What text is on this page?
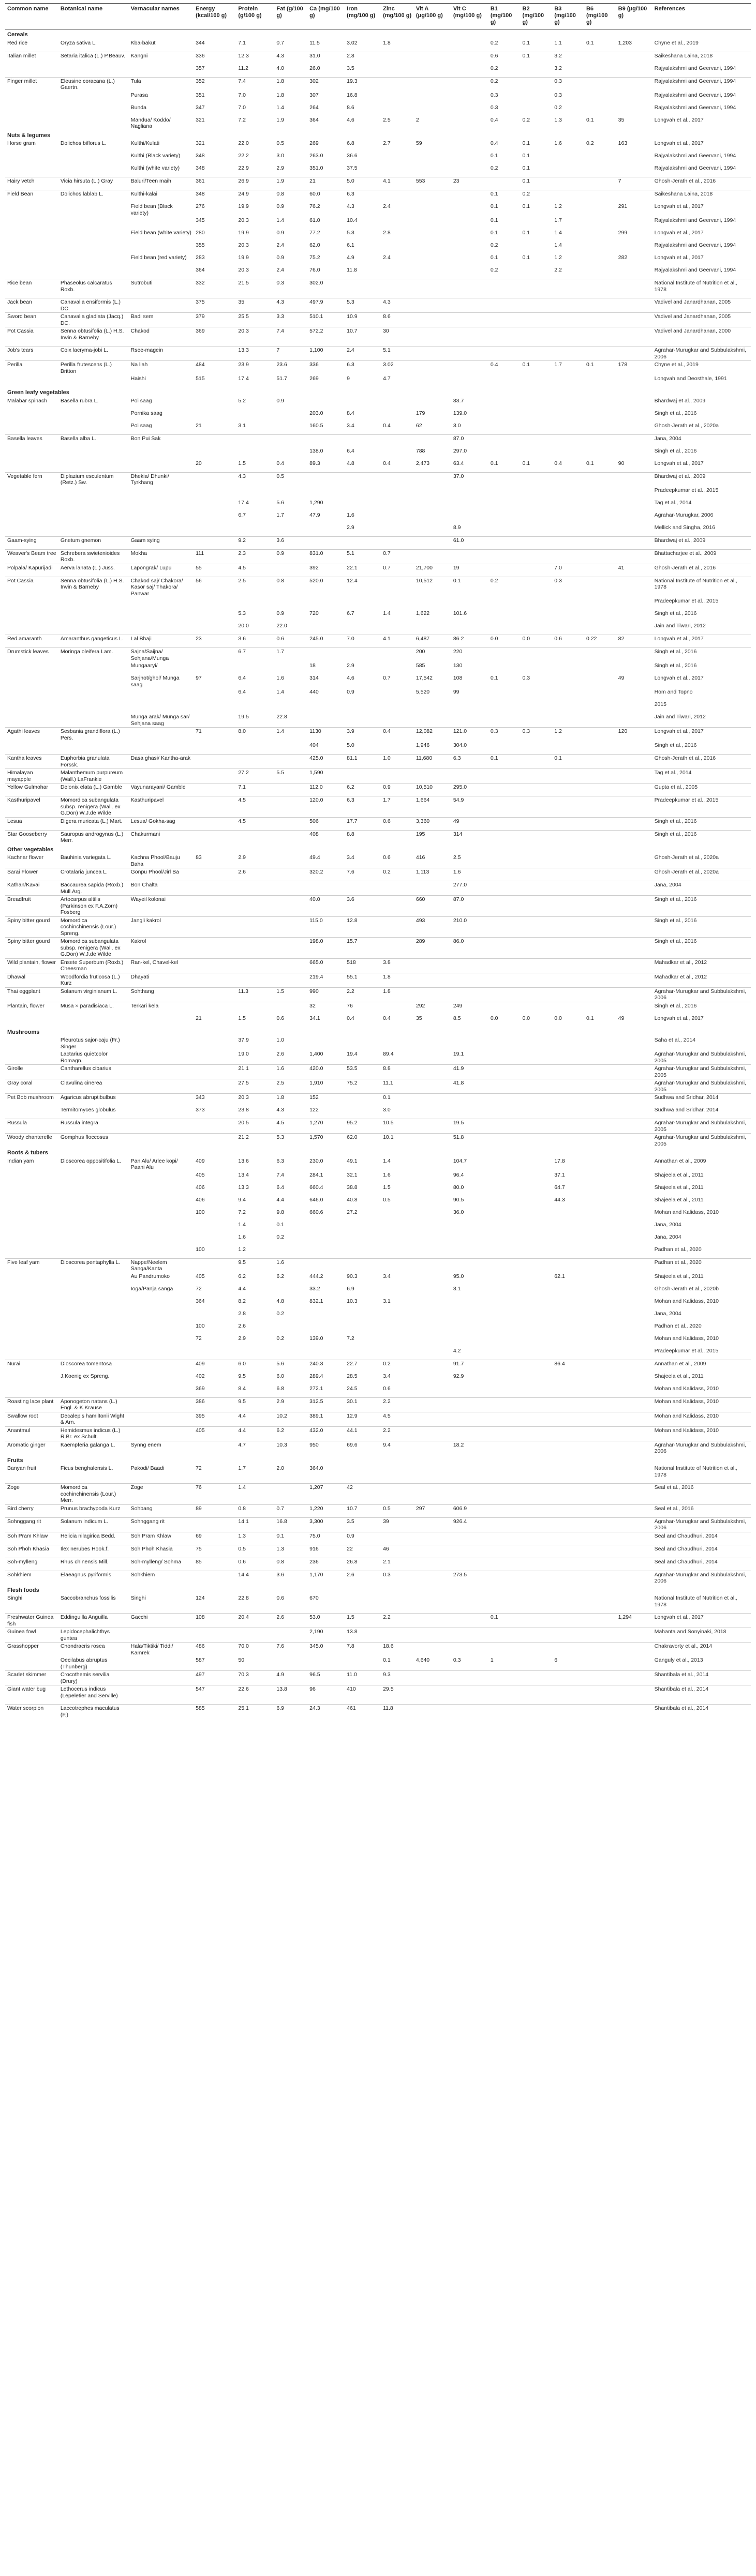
Common name	Botanical name	Vernacular names	Energy (kcal/100 g)	Protein (g/100 g)	Fat (g/100 g)	Ca (mg/100 g)	Iron (mg/100 g)	Zinc (mg/100 g)	Vit A (μg/100 g)	Vit C (mg/100 g)	B1 (mg/100 g)	B2 (mg/100 g)	B3 (mg/100 g)	B6 (mg/100 g)	B9 (μg/100 g)	References
Cereals																
Red rice	Oryza sativa L.	Kba-bakut	344	7.1	0.7	11.5	3.02	1.8			0.2	0.1	1.1	0.1	1,203	Chyne et al., 2019
Italian millet	Setaria italica (L.) P.Beauv.	Kangni	336	12.3	4.3	31.0	2.8				0.6	0.1	3.2			Saikeshana Laina, 2018
			357	11.2	4.0	26.0	3.5				0.2		3.2			Rajyalakshmi and Geervani, 1994
Finger millet	Eleusine coracana (L.) Gaertn.	Tula	352	7.4	1.8	302	19.3				0.2		0.3			Rajyalakshmi and Geervani, 1994
		Purasa	351	7.0	1.8	307	16.8				0.3		0.3			Rajyalakshmi and Geervani, 1994
		Bunda	347	7.0	1.4	264	8.6				0.3		0.2			Rajyalakshmi and Geervani, 1994
		Mandua/ Koddo/ Nagliana	321	7.2	1.9	364	4.6	2.5	2		0.4	0.2	1.3	0.1	35	Longvah et al., 2017
Nuts & legumes																
Horse gram	Dolichos biflorus L.	Kulthi/Kulati	321	22.0	0.5	269	6.8	2.7	59		0.4	0.1	1.6	0.2	163	Longvah et al., 2017
		Kulthi (Black variety)	348	22.2	3.0	263.0	36.6				0.1	0.1				Rajyalakshmi and Geervani, 1994
		Kulthi (white variety)	348	22.9	2.9	351.0	37.5				0.2	0.1				Rajyalakshmi and Geervani, 1994
Hairy vetch	Vicia hirsuta (L.) Gray	Baluri/Teen maih	361	26.9	1.9	21	5.0	4.1	553	23		0.1			7	Ghosh-Jerath et al., 2016
Field Bean	Dolichos lablab L.	Kulthi-kalai	348	24.9	0.8	60.0	6.3				0.1	0.2				Saikeshana Laina, 2018
		Field bean (Black variety)	276	19.9	0.9	76.2	4.3	2.4			0.1	0.1	1.2		291	Longvah et al., 2017
			345	20.3	1.4	61.0	10.4				0.1		1.7			Rajyalakshmi and Geervani, 1994
		Field bean (white variety)	280	19.9	0.9	77.2	5.3	2.8			0.1	0.1	1.4		299	Longvah et al., 2017
			355	20.3	2.4	62.0	6.1				0.2		1.4			Rajyalakshmi and Geervani, 1994
		Field bean (red variety)	283	19.9	0.9	75.2	4.9	2.4			0.1	0.1	1.2		282	Longvah et al., 2017
			364	20.3	2.4	76.0	11.8				0.2		2.2			Rajyalakshmi and Geervani, 1994
Rice bean	Phaseolus calcaratus Roxb.	Sutrobuti	332	21.5	0.3	302.0										National Institute of Nutrition et al., 1978
Jack bean	Canavalia ensiformis (L.) DC.		375	35	4.3	497.9	5.3	4.3								Vadivel and Janardhanan, 2005
Sword bean	Canavalia gladiata (Jacq.) DC.	Badi sem	379	25.5	3.3	510.1	10.9	8.6								Vadivel and Janardhanan, 2005
Pot Cassia	Senna obtusifolia (L.) H.S. Irwin & Barneby	Chakod	369	20.3	7.4	572.2	10.7	30								Vadivel and Janardhanan, 2000
Job's tears	Coix lacryma-jobi L.	Rsee-magein		13.3	7	1,100	2.4	5.1								Agrahar-Murugkar and Subbulakshmi, 2006
Perilla	Perilla frutescens (L.) Britton	Na liah	484	23.9	23.6	336	6.3	3.02			0.4	0.1	1.7	0.1	178	Chyne et al., 2019
		Haishi	515	17.4	51.7	269	9	4.7								Longvah and Deosthale, 1991
Green leafy vegetables																
Malabar spinach	Basella rubra L.	Poi saag		5.2	0.9					83.7						Bhardwaj et al., 2009
		Pornika saag				203.0	8.4		179	139.0						Singh et al., 2016
		Poi saag	21	3.1		160.5	3.4	0.4	62	3.0						Ghosh-Jerath et al., 2020a
Basella leaves	Basella alba L.	Bon Pui Sak								87.0						Jana, 2004
						138.0	6.4		788	297.0						Singh et al., 2016
			20	1.5	0.4	89.3	4.8	0.4	2,473	63.4	0.1	0.1	0.4	0.1	90	Longvah et al., 2017
Vegetable fern	Diplazium esculentum (Retz.) Sw.	Dhekia/ Dhunki/ Tyrkhang		4.3	0.5					37.0						Bhardwaj et al., 2009
																Pradeepkumar et al., 2015
				17.4	5.6	1,290										Tag et al., 2014
				6.7	1.7	47.9	1.6									Agrahar-Murugkar, 2006
							2.9			8.9						Mellick and Singha, 2016
Gaam-sying	Gnetum gnemon	Gaam sying		9.2	3.6					61.0						Bhardwaj et al., 2009
Weaver's Beam tree	Schrebera swietenioides Roxb.	Mokha	111	2.3	0.9	831.0	5.1	0.7								Bhattacharjee et al., 2009
Polpala/ Kapurijadi	Aerva lanata (L.) Juss.	Lapongrak/ Lupu	55	4.5		392	22.1	0.7	21,700	19			7.0		41	Ghosh-Jerath et al., 2016
Pot Cassia	Senna obtusifolia (L.) H.S. Irwin & Barneby	Chakod saj/ Chakora/ Kasor saj/ Thakora/ Panwar	56	2.5	0.8	520.0	12.4		10,512	0.1	0.2		0.3			National Institute of Nutrition et al., 1978
																Pradeepkumar et al., 2015
				5.3	0.9	720	6.7	1.4	1,622	101.6						Singh et al., 2016
				20.0	22.0											Jain and Tiwari, 2012
Red amaranth	Amaranthus gangeticus L.	Lal Bhaji	23	3.6	0.6	245.0	7.0	4.1	6,487	86.2	0.0	0.0	0.6	0.22	82	Longvah et al., 2017
Drumstick leaves	Moringa oleifera Lam.	Sajna/Saijna/ Sehjana/Munga		6.7	1.7				200	220						Singh et al., 2016
		Mungaaryi/				18	2.9		585	130						Singh et al., 2016
		Sarjhot/ghol/ Munga saag	97	6.4	1.6	314	4.6	0.7	17,542	108	0.1	0.3			49	Longvah et al., 2017
				6.4	1.4	440	0.9		5,520	99						Hom and Topno
																2015
		Munga arak/ Munga sar/ Sehjana saag		19.5	22.8											Jain and Tiwari, 2012
Agathi leaves	Sesbania grandiflora (L.) Pers.		71	8.0	1.4	1130	3.9	0.4	12,082	121.0	0.3	0.3	1.2		120	Longvah et al., 2017
						404	5.0		1,946	304.0						Singh et al., 2016
Kantha leaves	Euphorbia granulata Forssk.	Dasa ghasi/ Kantha-arak				425.0	81.1	1.0	11,680	6.3	0.1		0.1			Ghosh-Jerath et al., 2016
Himalayan mayapple	Malanthemum purpureum (Wall.) LaFrankie			27.2	5.5	1,590										Tag et al., 2014
Yellow Gulmohar	Delonix elata (L.) Gamble	Vayunarayani/ Gamble		7.1		112.0	6.2	0.9	10,510	295.0						Gupta et al., 2005
Kasthuripavel	Momordica subangulata subsp. renigera (Wall. ex G.Don) W.J.de Wilde	Kasthuripavel		4.5		120.0	6.3	1.7	1,664	54.9						Pradeepkumar et al., 2015
Lesua	Digera muricata (L.) Mart.	Lesua/ Gokha-sag		4.5		506	17.7	0.6	3,360	49						Singh et al., 2016
Star Gooseberry	Sauropus androgynus (L.) Merr.	Chakurmani				408	8.8		195	314						Singh et al., 2016
Other vegetables																
Kachnar flower	Bauhinia variegata L.	Kachna Phool/Bauju Baha	83	2.9		49.4	3.4	0.6	416	2.5						Ghosh-Jerath et al., 2020a
Sarai Flower	Crotalaria juncea L.	Gonpu Phool/Jirl Ba		2.6		320.2	7.6	0.2	1,113	1.6						Ghosh-Jerath et al., 2020a
Kathan/Kavai	Baccaurea sapida (Roxb.) Müll.Arg.	Bon Chalta								277.0						Jana, 2004
Breadfruit	Artocarpus altilis (Parkinson ex F.A.Zorn) Fosberg	Wayeil kolonai				40.0	3.6		660	87.0						Singh et al., 2016
Spiny bitter gourd	Momordica cochinchinensis (Lour.) Spreng.	Jangli kakrol				115.0	12.8		493	210.0						Singh et al., 2016
Spiny bitter gourd	Momordica subangulata subsp. renigera (Wall. ex G.Don) W.J.de Wilde	Kakrol				198.0	15.7		289	86.0						Singh et al., 2016
Wild plantain, flower	Ensete Superbum (Roxb.) Cheesman	Ran-kel, Chavel-kel				665.0	518	3.8								Mahadkar et al., 2012
Dhawal	Woodfordia fruticosa (L.) Kurz	Dhayati				219.4	55.1	1.8								Mahadkar et al., 2012
Thai eggplant	Solanum virginianum L.	Sohthang		11.3	1.5	990	2.2	1.8								Agrahar-Murugkar and Subbulakshmi, 2006
Plantain, flower	Musa × paradisiaca L.	Terkari kela				32	76		292	249						Singh et al., 2016
			21	1.5	0.6	34.1	0.4	0.4	35	8.5	0.0	0.0	0.0	0.1	49	Longvah et al., 2017
Mushrooms																
	Pleurotus sajor-caju (Fr.) Singer			37.9	1.0											Saha et al., 2014
	Lactarius quietcolor Romagn.			19.0	2.6	1,400	19.4	89.4		19.1						Agrahar-Murugkar and Subbulakshmi, 2005
Girolle	Cantharellus cibarius			21.1	1.6	420.0	53.5	8.8		41.9						Agrahar-Murugkar and Subbulakshmi, 2005
Gray coral	Clavulina cinerea			27.5	2.5	1,910	75.2	11.1		41.8						Agrahar-Murugkar and Subbulakshmi, 2005
Pet Bob mushroom	Agaricus abruptibulbus		343	20.3	1.8	152		0.1								Sudhwa and Sridhar, 2014
	Termitomyces globulus		373	23.8	4.3	122		3.0								Sudhwa and Sridhar, 2014
Russula	Russula integra			20.5	4.5	1,270	95.2	10.5		19.5						Agrahar-Murugkar and Subbulakshmi, 2005
Woody chanterelle	Gomphus floccosus			21.2	5.3	1,570	62.0	10.1		51.8						Agrahar-Murugkar and Subbulakshmi, 2005
Roots & tubers																
Indian yam	Dioscorea oppositifolia L.	Pan Alu/ Arlee kopi/ Paani Alu	409	13.6	6.3	230.0	49.1	1.4		104.7			17.8			Annathan et al., 2009
			405	13.4	7.4	284.1	32.1	1.6		96.4			37.1			Shajeela et al., 2011
			406	13.3	6.4	660.4	38.8	1.5		80.0			64.7			Shajeela et al., 2011
			406	9.4	4.4	646.0	40.8	0.5		90.5			44.3			Shajeela et al., 2011
			100	7.2	9.8	660.6	27.2			36.0						Mohan and Kalidass, 2010
				1.4	0.1											Jana, 2004
				1.6	0.2											Jana, 2004
			100	1.2												Padhan et al., 2020
Five leaf yam	Dioscorea pentaphylla L.	Nappe/Neelem Sanga/Kanta		9.5	1.6											Padhan et al., 2020
		Au Pandrumoko	405	6.2	6.2	444.2	90.3	3.4		95.0			62.1			Shajeela et al., 2011
		Ioga/Panja sanga	72	4.4		33.2	6.9			3.1						Ghosh-Jerath et al., 2020b
			364	8.2	4.8	832.1	10.3	3.1								Mohan and Kalidass, 2010
				2.8	0.2											Jana, 2004
			100	2.6												Padhan et al., 2020
			72	2.9	0.2	139.0	7.2									Mohan and Kalidass, 2010
										4.2						Pradeepkumar et al., 2015
Nurai	Dioscorea tomentosa		409	6.0	5.6	240.3	22.7	0.2		91.7			86.4			Annathan et al., 2009
	J.Koenig ex Spreng.		402	9.5	6.0	289.4	28.5	3.4		92.9						Shajeela et al., 2011
			369	8.4	6.8	272.1	24.5	0.6								Mohan and Kalidass, 2010
Roasting lace plant	Aponogeton natans (L.) Engl. & K.Krause		386	9.5	2.9	312.5	30.1	2.2								Mohan and Kalidass, 2010
Swallow root	Decalepis hamiltonii Wight & Arn.		395	4.4	10.2	389.1	12.9	4.5								Mohan and Kalidass, 2010
Anantmul	Hemidesmus indicus (L.) R.Br. ex Schult.		405	4.4	6.2	432.0	44.1	2.2								Mohan and Kalidass, 2010
Aromatic ginger	Kaempferia galanga L.	Synng enem		4.7	10.3	950	69.6	9.4		18.2						Agrahar-Murugkar and Subbulakshmi, 2006
Fruits																
Banyan fruit	Ficus benghalensis L.	Pakodi/ Baadi	72	1.7	2.0	364.0										National Institute of Nutrition et al., 1978
Zoge	Momordica cochinchinensis (Lour.) Merr.	Zoge	76	1.4		1,207	42									Seal et al., 2016
Bird cherry	Prunus brachypoda Kurz	Sohbang	89	0.8	0.7	1,220	10.7	0.5	297	606.9						Seal et al., 2016
Sohnggang rit	Solanum indicum L.	Sohnggang rit		14.1	16.8	3,300	3.5	39		926.4						Agrahar-Murugkar and Subbulakshmi, 2006
Soh Pram Khlaw	Helicia nilagirica Bedd.	Soh Pram Khlaw	69	1.3	0.1	75.0	0.9									Seal and Chaudhuri, 2014
Soh Phoh Khasia	Ilex nerubes Hook.f.	Soh Phoh Khasia	75	0.5	1.3	916	22	46								Seal and Chaudhuri, 2014
Soh-mylleng	Rhus chinensis Mill.	Soh-mylleng/ Sohma	85	0.6	0.8	236	26.8	2.1								Seal and Chaudhuri, 2014
Sohkhiem	Elaeagnus pyriformis	Sohkhiem		14.4	3.6	1,170	2.6	0.3		273.5						Agrahar-Murugkar and Subbulakshmi, 2006
Flesh foods																
Singhi	Saccobranchus fossilis	Singhi	124	22.8	0.6	670										National Institute of Nutrition et al., 1978
Freshwater Guinea fish	Eddinguilla Anguilla	Gacchi	108	20.4	2.6	53.0	1.5	2.2			0.1				1,294	Longvah et al., 2017
Guinea fowl	Lepidocephalichthys guntea					2,190	13.8									Mahanta and Sonyinaki, 2018
Grasshopper	Chondracris rosea	Hala/Tiktiki/ Tiddi/ Kamrek	486	70.0	7.6	345.0	7.8	18.6								Chakravorty et al., 2014
	Oecilabus abruptus (Thunberg)		587	50				0.1	4,640	0.3	1		6			Ganguly et al., 2013
Scarlet skimmer	Crocothemis servilia (Drury)		497	70.3	4.9	96.5	11.0	9.3								Shantibala et al., 2014
Giant water bug	Lethocerus indicus (Lepeletier and Serville)		547	22.6	13.8	96	410	29.5								Shantibala et al., 2014
Water scorpion	Laccotrephes maculatus (F.)		585	25.1	6.9	24.3	461	11.8								Shantibala et al., 2014
